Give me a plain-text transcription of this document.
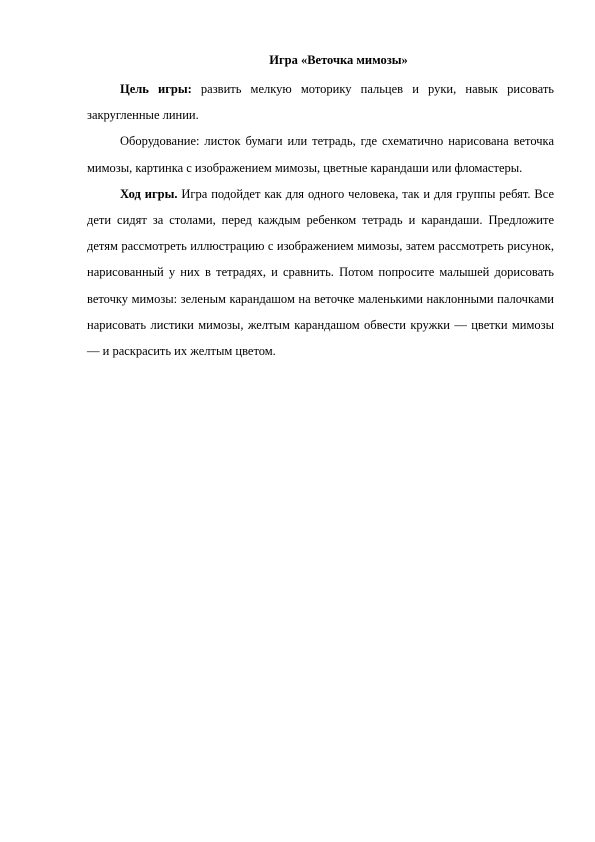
Игра «Веточка мимозы»

Цель игры: развить мелкую моторику пальцев и руки, навык рисовать закругленные линии.

Оборудование: листок бумаги или тетрадь, где схематично нарисована веточка мимозы, картинка с изображением мимозы, цветные карандаши или фломастеры.

Ход игры. Игра подойдет как для одного человека, так и для группы ребят. Все дети сидят за столами, перед каждым ребенком тетрадь и карандаши. Предложите детям рассмотреть иллюстрацию с изображением мимозы, затем рассмотреть рисунок, нарисованный у них в тетрадях, и сравнить. Потом попросите малышей дорисовать веточку мимозы: зеленым карандашом на веточке маленькими наклонными палочками нарисовать листики мимозы, желтым карандашом обвести кружки — цветки мимозы — и раскрасить их желтым цветом.
